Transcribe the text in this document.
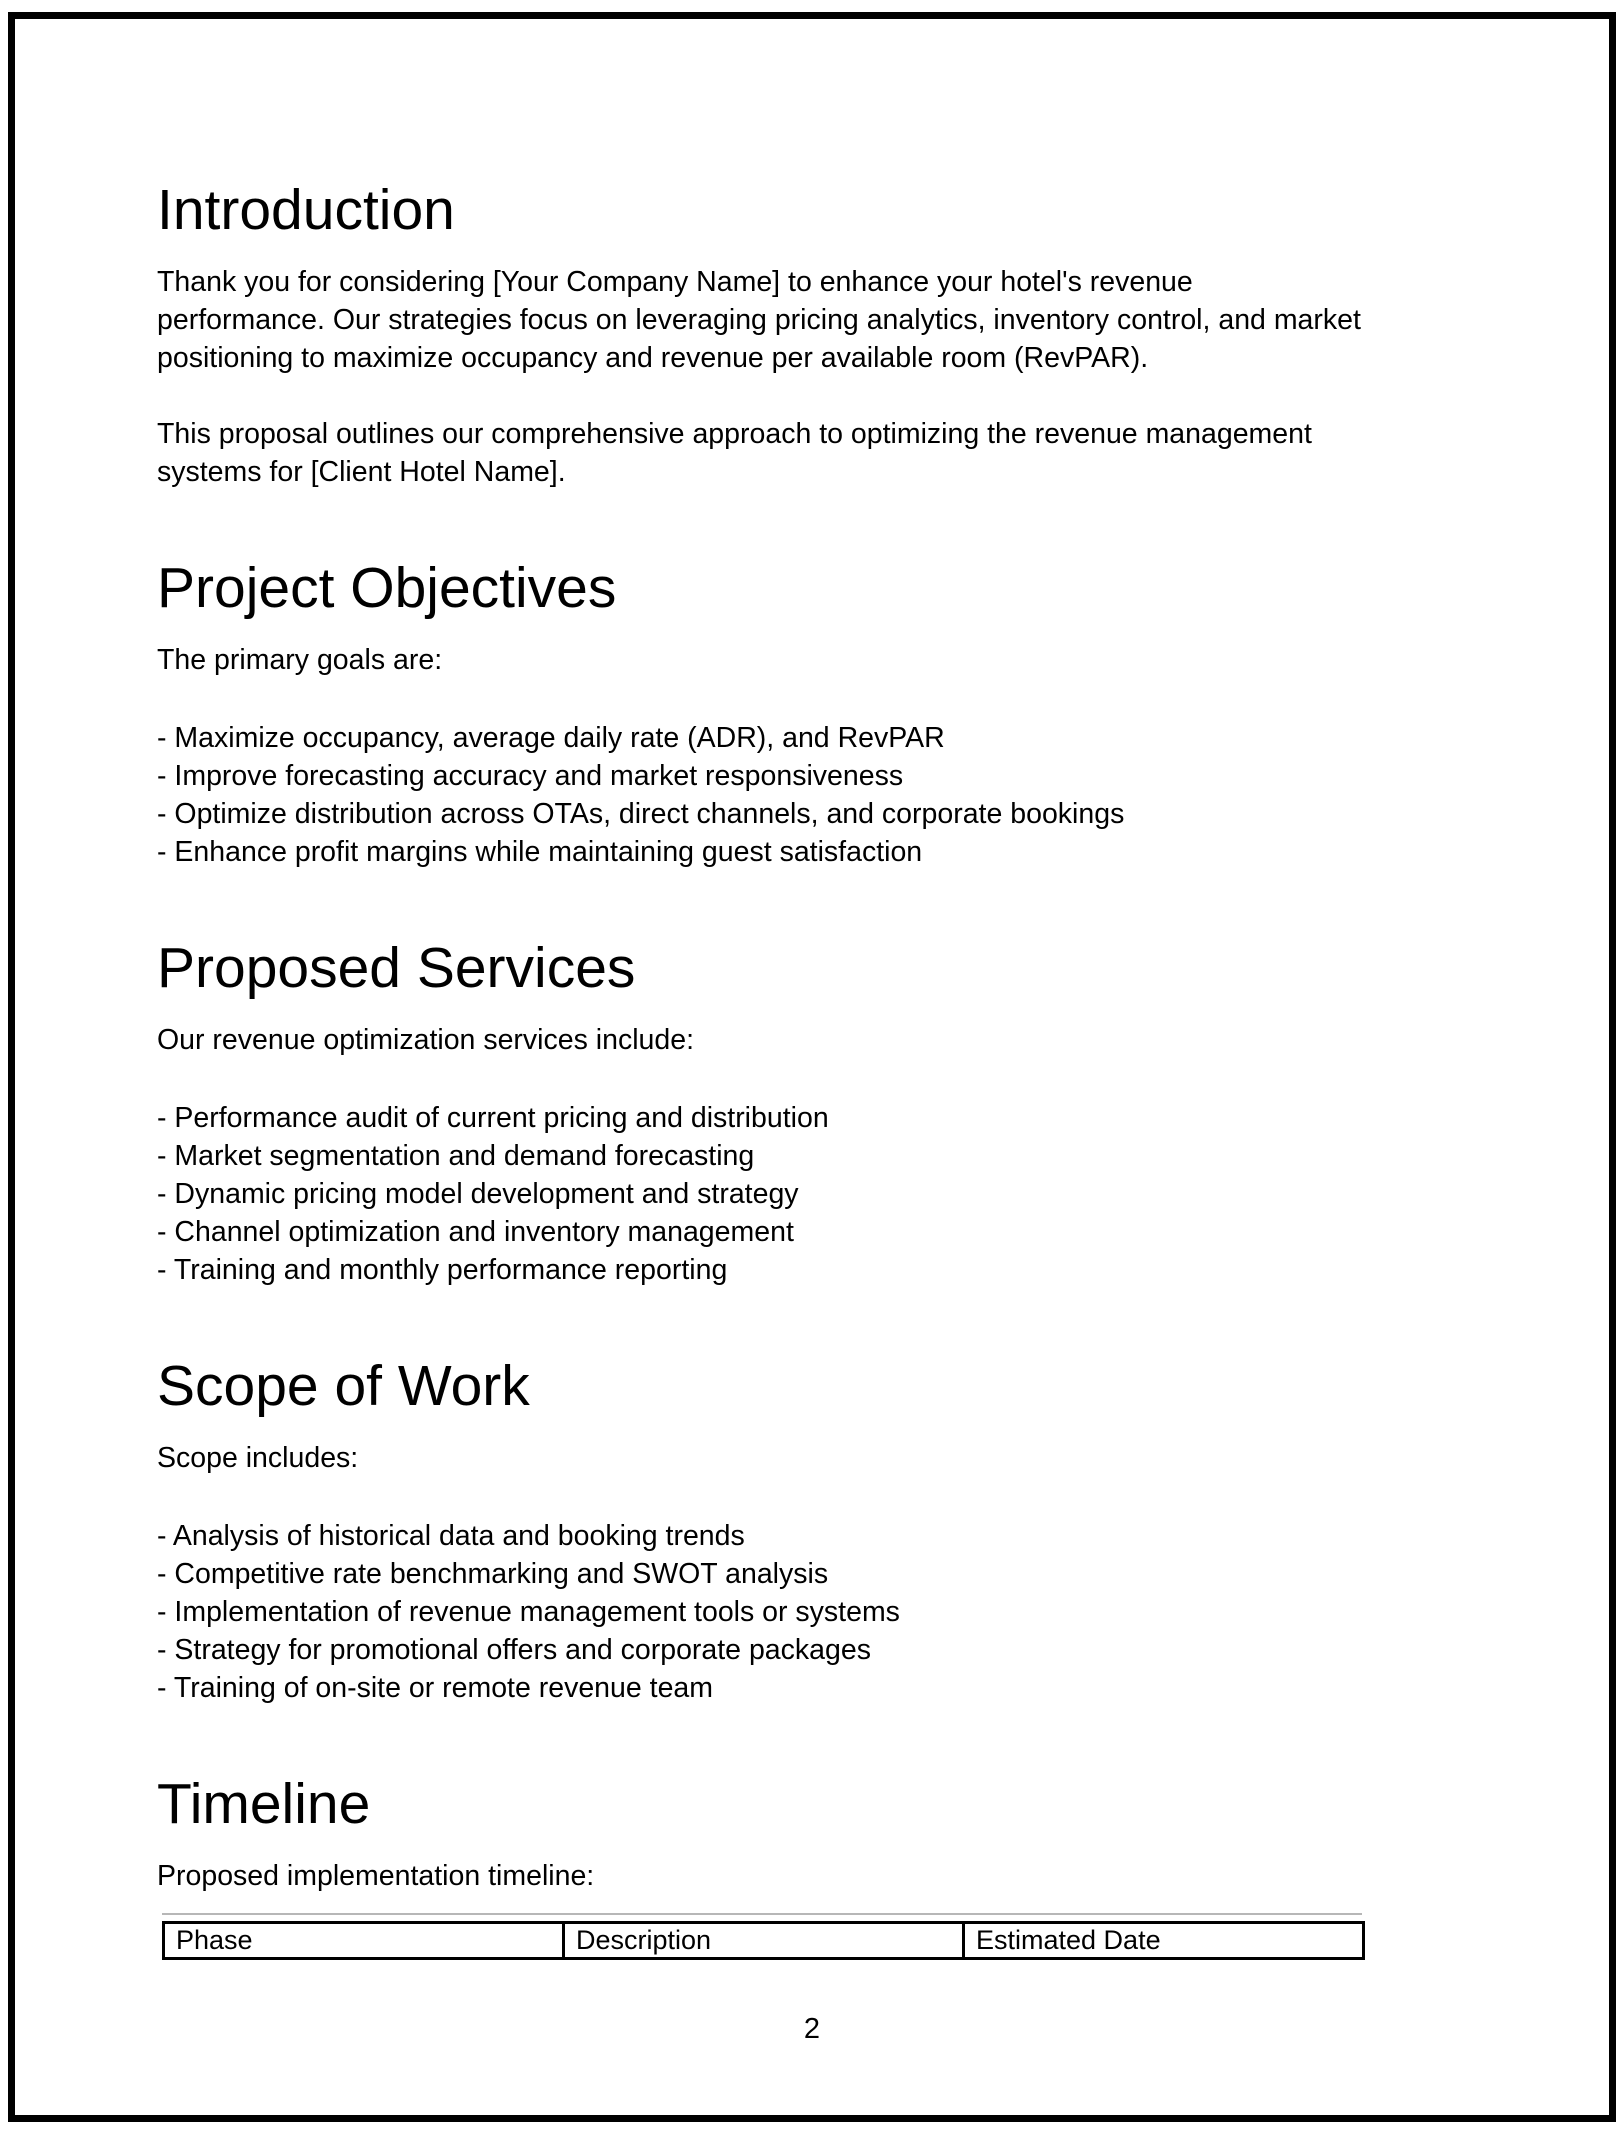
Introduction
Thank you for considering [Your Company Name] to enhance your hotel's revenue
performance. Our strategies focus on leveraging pricing analytics, inventory control, and market
positioning to maximize occupancy and revenue per available room (RevPAR).
This proposal outlines our comprehensive approach to optimizing the revenue management
systems for [Client Hotel Name].
Project Objectives
The primary goals are:
- Maximize occupancy, average daily rate (ADR), and RevPAR
- Improve forecasting accuracy and market responsiveness
- Optimize distribution across OTAs, direct channels, and corporate bookings
- Enhance profit margins while maintaining guest satisfaction
Proposed Services
Our revenue optimization services include:
- Performance audit of current pricing and distribution
- Market segmentation and demand forecasting
- Dynamic pricing model development and strategy
- Channel optimization and inventory management
- Training and monthly performance reporting
Scope of Work
Scope includes:
- Analysis of historical data and booking trends
- Competitive rate benchmarking and SWOT analysis
- Implementation of revenue management tools or systems
- Strategy for promotional offers and corporate packages
- Training of on-site or remote revenue team
Timeline
Proposed implementation timeline:
Phase	Description	Estimated Date
2
